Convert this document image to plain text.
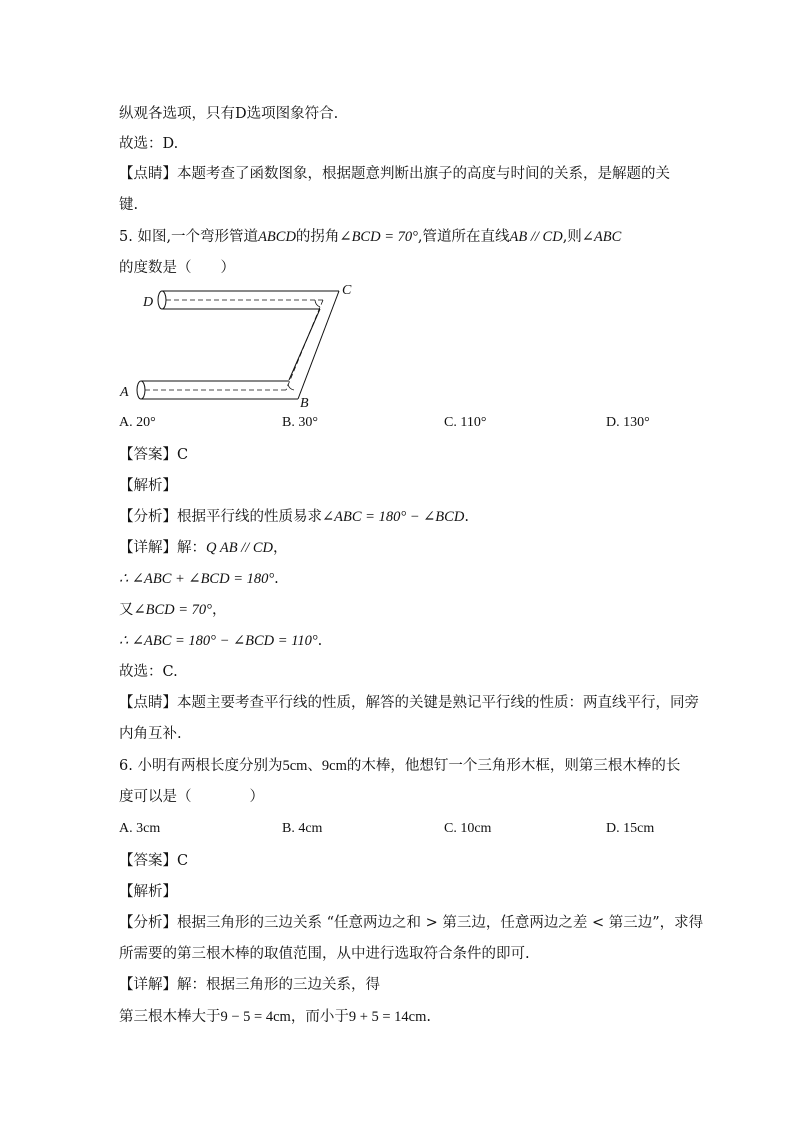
纵观各选项，只有D选项图象符合.
故选：D.
【点睛】本题考查了函数图象，根据题意判断出旗子的高度与时间的关系，是解题的关
键.
5. 如图,一个弯形管道ABCD的拐角∠BCD = 70°,管道所在直线AB // CD,则∠ABC
的度数是（　　）
D
C
A
B
A. 20°	B. 30°	C. 110°	D. 130°
【答案】C
【解析】
【分析】根据平行线的性质易求∠ABC = 180° − ∠BCD.
【详解】解：Q AB // CD，
∴ ∠ABC + ∠BCD = 180°.
又∠BCD = 70°，
∴ ∠ABC = 180° − ∠BCD = 110°.
故选：C.
【点睛】本题主要考查平行线的性质，解答的关键是熟记平行线的性质：两直线平行，同旁
内角互补.
6. 小明有两根长度分别为5cm、9cm的木棒，他想钉一个三角形木框，则第三根木棒的长
度可以是（　　　　）
A. 3cm	B. 4cm	C. 10cm	D. 15cm
【答案】C
【解析】
【分析】根据三角形的三边关系 “任意两边之和 > 第三边，任意两边之差 < 第三边”，求得
所需要的第三根木棒的取值范围，从中进行选取符合条件的即可.
【详解】解：根据三角形的三边关系，得
第三根木棒大于9 − 5 = 4cm，而小于9 + 5 = 14cm.
